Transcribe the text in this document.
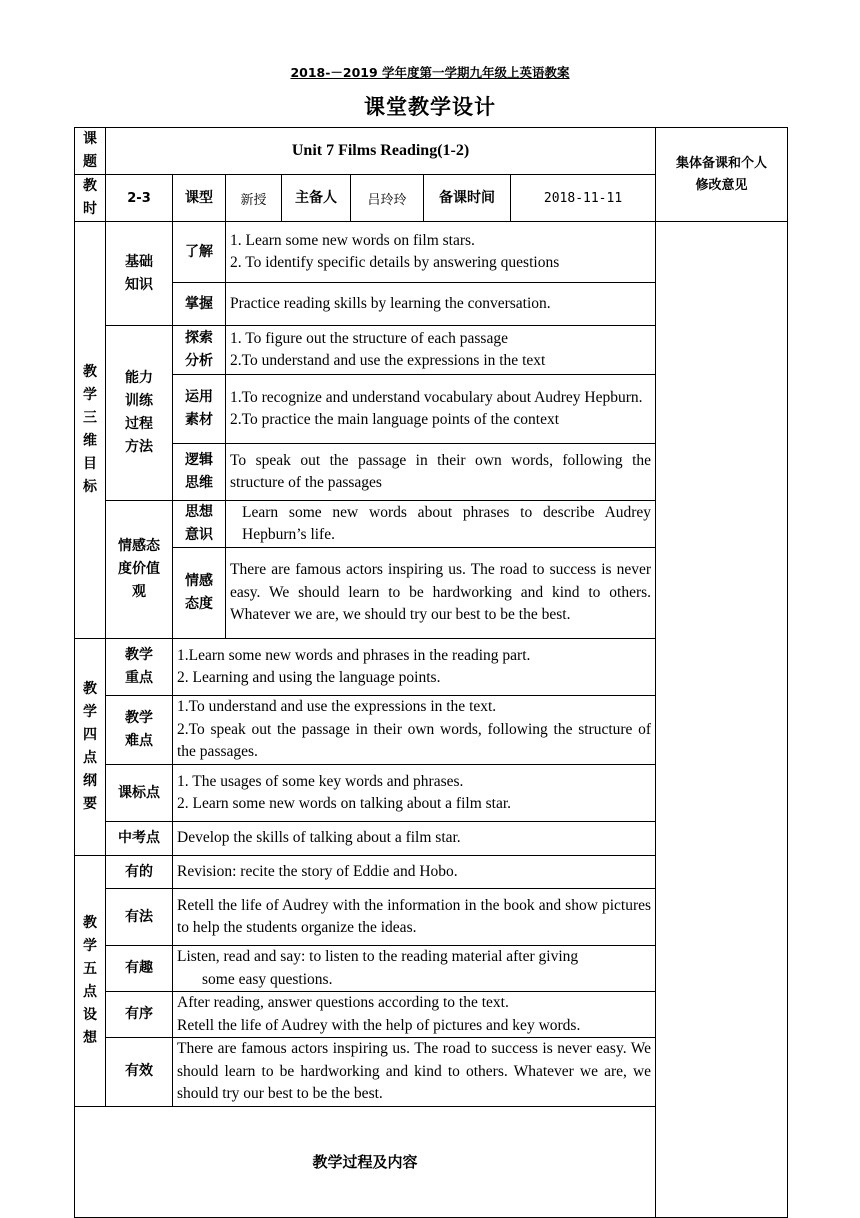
2018-－2019 学年度第一学期九年级上英语教案
课堂教学设计
课题	Unit 7 Films Reading(1-2)							集体备课和个人修改意见	

教时	2-3	课型	新授	主备人	吕玲玲	备课时间	2018-11-11		

教学三维目标	基础知识	了解	1. Learn some new words on film stars.
2. To identify specific details by answering questions						

		掌握	Practice reading skills by learning the conversation.						

	能力训练过程方法	探索分析	1. To figure out the structure of each passage
2.To understand and use the expressions in the text						

		运用素材	1.To recognize and understand vocabulary about Audrey Hepburn.
2.To practice the main language points of the context						

		逻辑思维	To speak out the passage in their own words, following the structure of the passages						

	情感态度价值观	思想意识	Learn some new words about phrases to describe Audrey Hepburn’s life.						

		情感态度	There are famous actors inspiring us. The road to success is never easy. We should learn to be hardworking and kind to others. Whatever we are, we should try our best to be the best.						

教学四点纲要	教学重点	1.Learn some new words and phrases in the reading part.
2. Learning and using the language points.							

	教学难点	1.To understand and use the expressions in the text.
2.To speak out the passage in their own words, following the structure of the passages.							

	课标点	1. The usages of some key words and phrases.
2. Learn some new words on talking about a film star.							

	中考点	Develop the skills of talking about a film star.							

教学五点设想	有的	Revision: recite the story of Eddie and Hobo.							

	有法	Retell the life of Audrey with the information in the book and show pictures to help the students organize the ideas.							

	有趣	Listen, read and say: to listen to the reading material after giving
some easy questions.							

	有序	After reading, answer questions according to the text.
Retell the life of Audrey with the help of pictures and key words.							

	有效	There are famous actors inspiring us. The road to success is never easy. We should learn to be hardworking and kind to others. Whatever we are, we should try our best to be the best.							

教学过程及内容	
